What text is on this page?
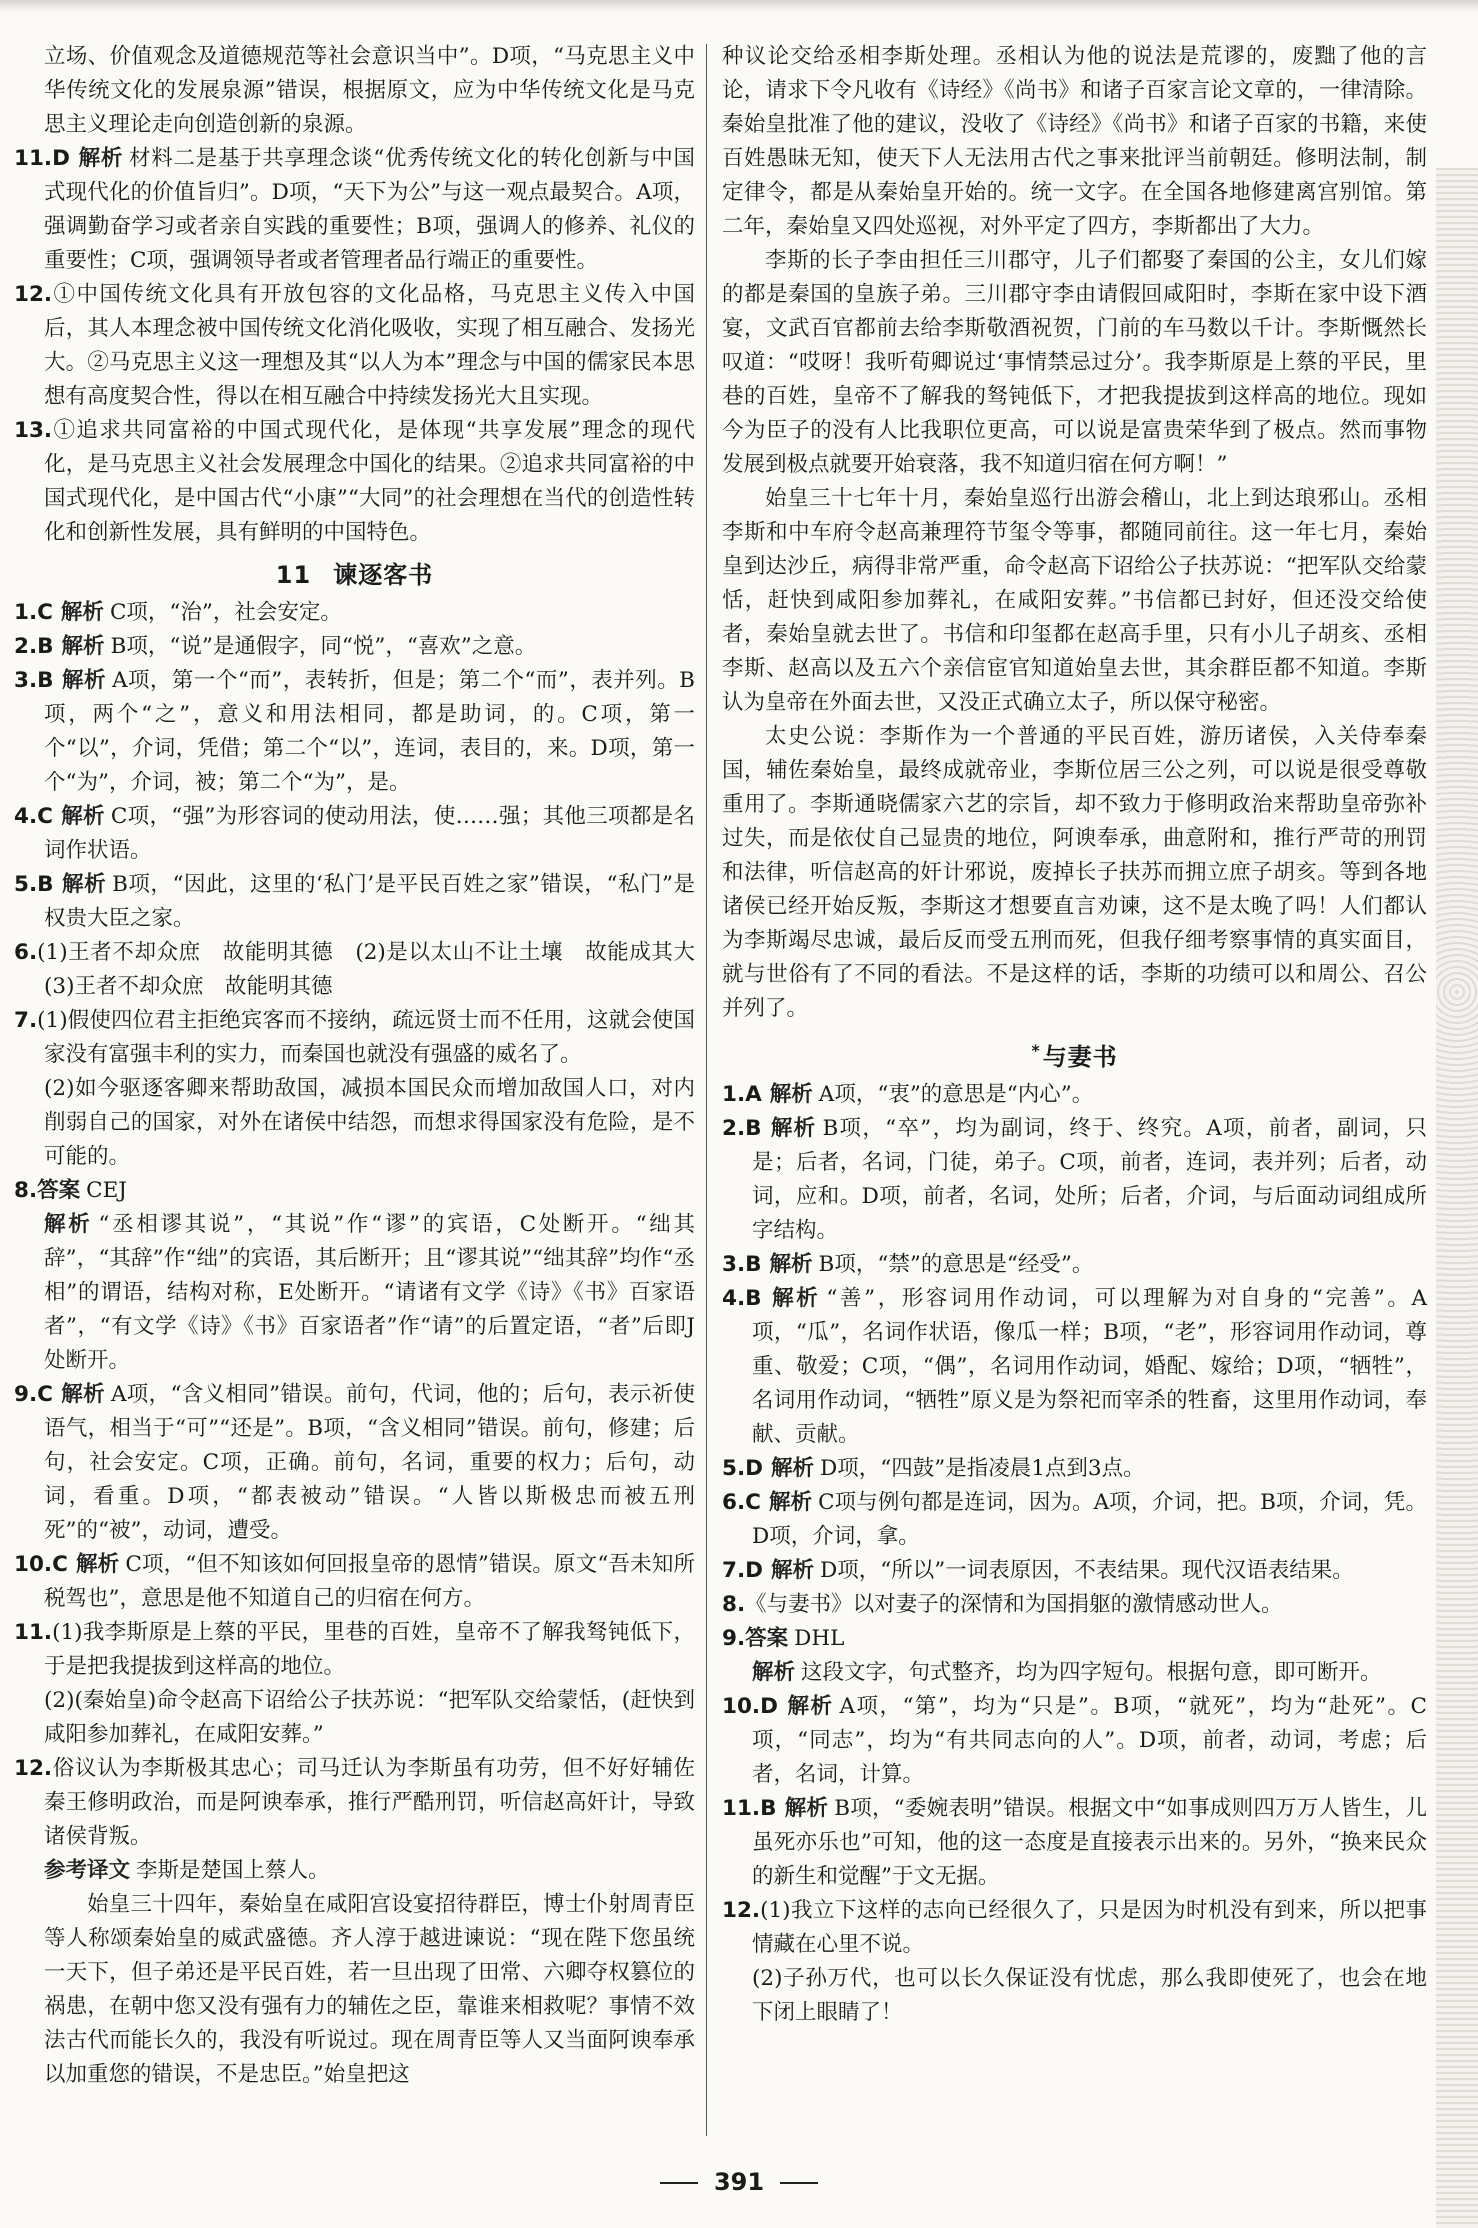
立场、价值观念及道德规范等社会意识当中”。D项，“马克思主义中华传统文化的发展泉源”错误，根据原文，应为中华传统文化是马克思主义理论走向创造创新的泉源。

11.D 解析 材料二是基于共享理念谈“优秀传统文化的转化创新与中国式现代化的价值旨归”。D项，“天下为公”与这一观点最契合。A项，强调勤奋学习或者亲自实践的重要性；B项，强调人的修养、礼仪的重要性；C项，强调领导者或者管理者品行端正的重要性。

12.①中国传统文化具有开放包容的文化品格，马克思主义传入中国后，其人本理念被中国传统文化消化吸收，实现了相互融合、发扬光大。②马克思主义这一理想及其“以人为本”理念与中国的儒家民本思想有高度契合性，得以在相互融合中持续发扬光大且实现。

13.①追求共同富裕的中国式现代化，是体现“共享发展”理念的现代化，是马克思主义社会发展理念中国化的结果。②追求共同富裕的中国式现代化，是中国古代“小康”“大同”的社会理想在当代的创造性转化和创新性发展，具有鲜明的中国特色。

11 谏逐客书

1.C 解析 C项，“治”，社会安定。

2.B 解析 B项，“说”是通假字，同“悦”，“喜欢”之意。

3.B 解析 A项，第一个“而”，表转折，但是；第二个“而”，表并列。B项，两个“之”，意义和用法相同，都是助词，的。C项，第一个“以”，介词，凭借；第二个“以”，连词，表目的，来。D项，第一个“为”，介词，被；第二个“为”，是。

4.C 解析 C项，“强”为形容词的使动用法，使……强；其他三项都是名词作状语。

5.B 解析 B项，“因此，这里的‘私门’是平民百姓之家”错误，“私门”是权贵大臣之家。

6.(1)王者不却众庶　故能明其德　(2)是以太山不让土壤　故能成其大　(3)王者不却众庶　故能明其德

7.(1)假使四位君主拒绝宾客而不接纳，疏远贤士而不任用，这就会使国家没有富强丰利的实力，而秦国也就没有强盛的威名了。

(2)如今驱逐客卿来帮助敌国，减损本国民众而增加敌国人口，对内削弱自己的国家，对外在诸侯中结怨，而想求得国家没有危险，是不可能的。

8.答案 CEJ

解析 “丞相谬其说”，“其说”作“谬”的宾语，C处断开。“绌其辞”，“其辞”作“绌”的宾语，其后断开；且“谬其说”“绌其辞”均作“丞相”的谓语，结构对称，E处断开。“请诸有文学《诗》《书》百家语者”，“有文学《诗》《书》百家语者”作“请”的后置定语，“者”后即J处断开。

9.C 解析 A项，“含义相同”错误。前句，代词，他的；后句，表示祈使语气，相当于“可”“还是”。B项，“含义相同”错误。前句，修建；后句，社会安定。C项，正确。前句，名词，重要的权力；后句，动词，看重。D项，“都表被动”错误。“人皆以斯极忠而被五刑死”的“被”，动词，遭受。

10.C 解析 C项，“但不知该如何回报皇帝的恩情”错误。原文“吾未知所税驾也”，意思是他不知道自己的归宿在何方。

11.(1)我李斯原是上蔡的平民，里巷的百姓，皇帝不了解我驽钝低下，于是把我提拔到这样高的地位。

(2)(秦始皇)命令赵高下诏给公子扶苏说：“把军队交给蒙恬，(赶快到咸阳参加葬礼，在咸阳安葬。”

12.俗议认为李斯极其忠心；司马迁认为李斯虽有功劳，但不好好辅佐秦王修明政治，而是阿谀奉承，推行严酷刑罚，听信赵高奸计，导致诸侯背叛。

参考译文 李斯是楚国上蔡人。

始皇三十四年，秦始皇在咸阳宫设宴招待群臣，博士仆射周青臣等人称颂秦始皇的威武盛德。齐人淳于越进谏说：“现在陛下您虽统一天下，但子弟还是平民百姓，若一旦出现了田常、六卿夺权篡位的祸患，在朝中您又没有强有力的辅佐之臣，靠谁来相救呢？事情不效法古代而能长久的，我没有听说过。现在周青臣等人又当面阿谀奉承以加重您的错误，不是忠臣。”始皇把这

种议论交给丞相李斯处理。丞相认为他的说法是荒谬的，废黜了他的言论，请求下令凡收有《诗经》《尚书》和诸子百家言论文章的，一律清除。秦始皇批准了他的建议，没收了《诗经》《尚书》和诸子百家的书籍，来使百姓愚昧无知，使天下人无法用古代之事来批评当前朝廷。修明法制，制定律令，都是从秦始皇开始的。统一文字。在全国各地修建离宫别馆。第二年，秦始皇又四处巡视，对外平定了四方，李斯都出了大力。

李斯的长子李由担任三川郡守，儿子们都娶了秦国的公主，女儿们嫁的都是秦国的皇族子弟。三川郡守李由请假回咸阳时，李斯在家中设下酒宴，文武百官都前去给李斯敬酒祝贺，门前的车马数以千计。李斯慨然长叹道：“哎呀！我听荀卿说过‘事情禁忌过分’。我李斯原是上蔡的平民，里巷的百姓，皇帝不了解我的驽钝低下，才把我提拔到这样高的地位。现如今为臣子的没有人比我职位更高，可以说是富贵荣华到了极点。然而事物发展到极点就要开始衰落，我不知道归宿在何方啊！”

始皇三十七年十月，秦始皇巡行出游会稽山，北上到达琅邪山。丞相李斯和中车府令赵高兼理符节玺令等事，都随同前往。这一年七月，秦始皇到达沙丘，病得非常严重，命令赵高下诏给公子扶苏说：“把军队交给蒙恬，赶快到咸阳参加葬礼，在咸阳安葬。”书信都已封好，但还没交给使者，秦始皇就去世了。书信和印玺都在赵高手里，只有小儿子胡亥、丞相李斯、赵高以及五六个亲信宦官知道始皇去世，其余群臣都不知道。李斯认为皇帝在外面去世，又没正式确立太子，所以保守秘密。

太史公说：李斯作为一个普通的平民百姓，游历诸侯，入关侍奉秦国，辅佐秦始皇，最终成就帝业，李斯位居三公之列，可以说是很受尊敬重用了。李斯通晓儒家六艺的宗旨，却不致力于修明政治来帮助皇帝弥补过失，而是依仗自己显贵的地位，阿谀奉承，曲意附和，推行严苛的刑罚和法律，听信赵高的奸计邪说，废掉长子扶苏而拥立庶子胡亥。等到各地诸侯已经开始反叛，李斯这才想要直言劝谏，这不是太晚了吗！人们都认为李斯竭尽忠诚，最后反而受五刑而死，但我仔细考察事情的真实面目，就与世俗有了不同的看法。不是这样的话，李斯的功绩可以和周公、召公并列了。

*与妻书

1.A 解析 A项，“衷”的意思是“内心”。

2.B 解析 B项，“卒”，均为副词，终于、终究。A项，前者，副词，只是；后者，名词，门徒，弟子。C项，前者，连词，表并列；后者，动词，应和。D项，前者，名词，处所；后者，介词，与后面动词组成所字结构。

3.B 解析 B项，“禁”的意思是“经受”。

4.B 解析 “善”，形容词用作动词，可以理解为对自身的“完善”。A项，“瓜”，名词作状语，像瓜一样；B项，“老”，形容词用作动词，尊重、敬爱；C项，“偶”，名词用作动词，婚配、嫁给；D项，“牺牲”，名词用作动词，“牺牲”原义是为祭祀而宰杀的牲畜，这里用作动词，奉献、贡献。

5.D 解析 D项，“四鼓”是指凌晨1点到3点。

6.C 解析 C项与例句都是连词，因为。A项，介词，把。B项，介词，凭。D项，介词，拿。

7.D 解析 D项，“所以”一词表原因，不表结果。现代汉语表结果。

8.《与妻书》以对妻子的深情和为国捐躯的激情感动世人。

9.答案 DHL

解析 这段文字，句式整齐，均为四字短句。根据句意，即可断开。

10.D 解析 A项，“第”，均为“只是”。B项，“就死”，均为“赴死”。C项，“同志”，均为“有共同志向的人”。D项，前者，动词，考虑；后者，名词，计算。

11.B 解析 B项，“委婉表明”错误。根据文中“如事成则四万万人皆生，儿虽死亦乐也”可知，他的这一态度是直接表示出来的。另外，“换来民众的新生和觉醒”于文无据。

12.(1)我立下这样的志向已经很久了，只是因为时机没有到来，所以把事情藏在心里不说。

(2)子孙万代，也可以长久保证没有忧虑，那么我即使死了，也会在地下闭上眼睛了！

391
